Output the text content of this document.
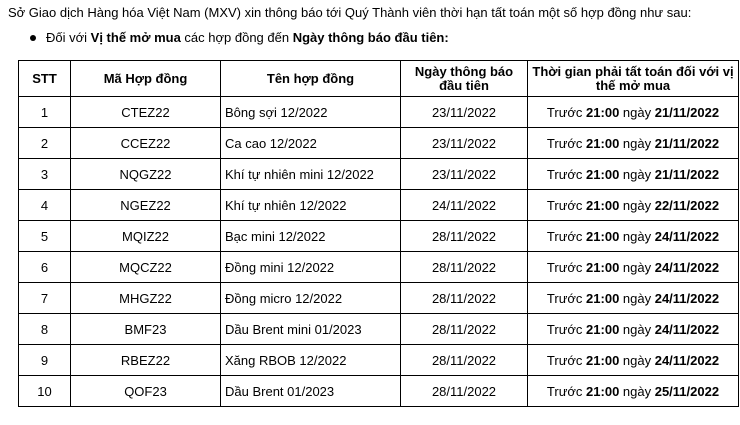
Sở Giao dịch Hàng hóa Việt Nam (MXV) xin thông báo tới Quý Thành viên thời hạn tất toán một số hợp đồng như sau:
Đối với Vị thế mở mua các hợp đồng đến Ngày thông báo đầu tiên:
STT	Mã Hợp đồng	Tên hợp đồng	Ngày thông báo đầu tiên	Thời gian phải tất toán đối với vị thế mở mua
1	CTEZ22	Bông sợi 12/2022	23/11/2022	Trước 21:00 ngày 21/11/2022
2	CCEZ22	Ca cao 12/2022	23/11/2022	Trước 21:00 ngày 21/11/2022
3	NQGZ22	Khí tự nhiên mini 12/2022	23/11/2022	Trước 21:00 ngày 21/11/2022
4	NGEZ22	Khí tự nhiên 12/2022	24/11/2022	Trước 21:00 ngày 22/11/2022
5	MQIZ22	Bạc mini 12/2022	28/11/2022	Trước 21:00 ngày 24/11/2022
6	MQCZ22	Đồng mini 12/2022	28/11/2022	Trước 21:00 ngày 24/11/2022
7	MHGZ22	Đồng micro 12/2022	28/11/2022	Trước 21:00 ngày 24/11/2022
8	BMF23	Dầu Brent mini 01/2023	28/11/2022	Trước 21:00 ngày 24/11/2022
9	RBEZ22	Xăng RBOB 12/2022	28/11/2022	Trước 21:00 ngày 24/11/2022
10	QOF23	Dầu Brent 01/2023	28/11/2022	Trước 21:00 ngày 25/11/2022
